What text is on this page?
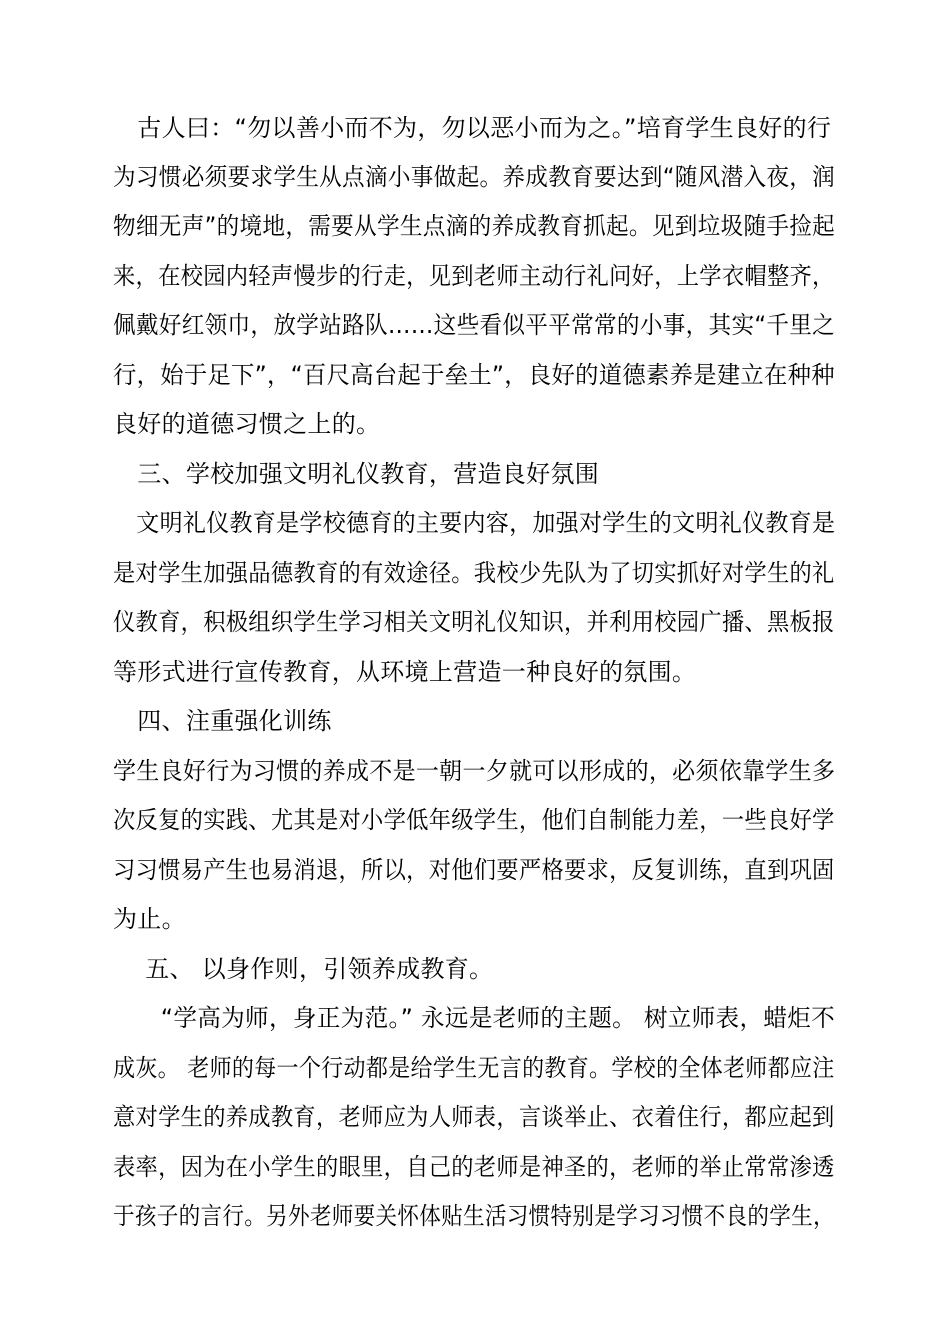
　古人曰：“勿以善小而不为，勿以恶小而为之。”培育学生良好的行
为习惯必须要求学生从点滴小事做起。养成教育要达到“随风潜入夜，润
物细无声”的境地，需要从学生点滴的养成教育抓起。见到垃圾随手捡起
来，在校园内轻声慢步的行走，见到老师主动行礼问好，上学衣帽整齐，
佩戴好红领巾，放学站路队……这些看似平平常常的小事，其实“千里之
行，始于足下”，“百尺高台起于垒土”，良好的道德素养是建立在种种
良好的道德习惯之上的。
　三、学校加强文明礼仪教育，营造良好氛围
　文明礼仪教育是学校德育的主要内容，加强对学生的文明礼仪教育是
是对学生加强品德教育的有效途径。我校少先队为了切实抓好对学生的礼
仪教育，积极组织学生学习相关文明礼仪知识，并利用校园广播、黑板报
等形式进行宣传教育，从环境上营造一种良好的氛围。
　四、注重强化训练
学生良好行为习惯的养成不是一朝一夕就可以形成的，必须依靠学生多
次反复的实践、尤其是对小学低年级学生，他们自制能力差，一些良好学
习习惯易产生也易消退，所以，对他们要严格要求，反复训练，直到巩固
为止。
　 五、 以身作则，引领养成教育。
　　“学高为师，身正为范。” 永远是老师的主题。 树立师表，蜡炬不
成灰。 老师的每一个行动都是给学生无言的教育。学校的全体老师都应注
意对学生的养成教育，老师应为人师表，言谈举止、衣着住行，都应起到
表率，因为在小学生的眼里，自己的老师是神圣的，老师的举止常常渗透
于孩子的言行。另外老师要关怀体贴生活习惯特别是学习习惯不良的学生，
